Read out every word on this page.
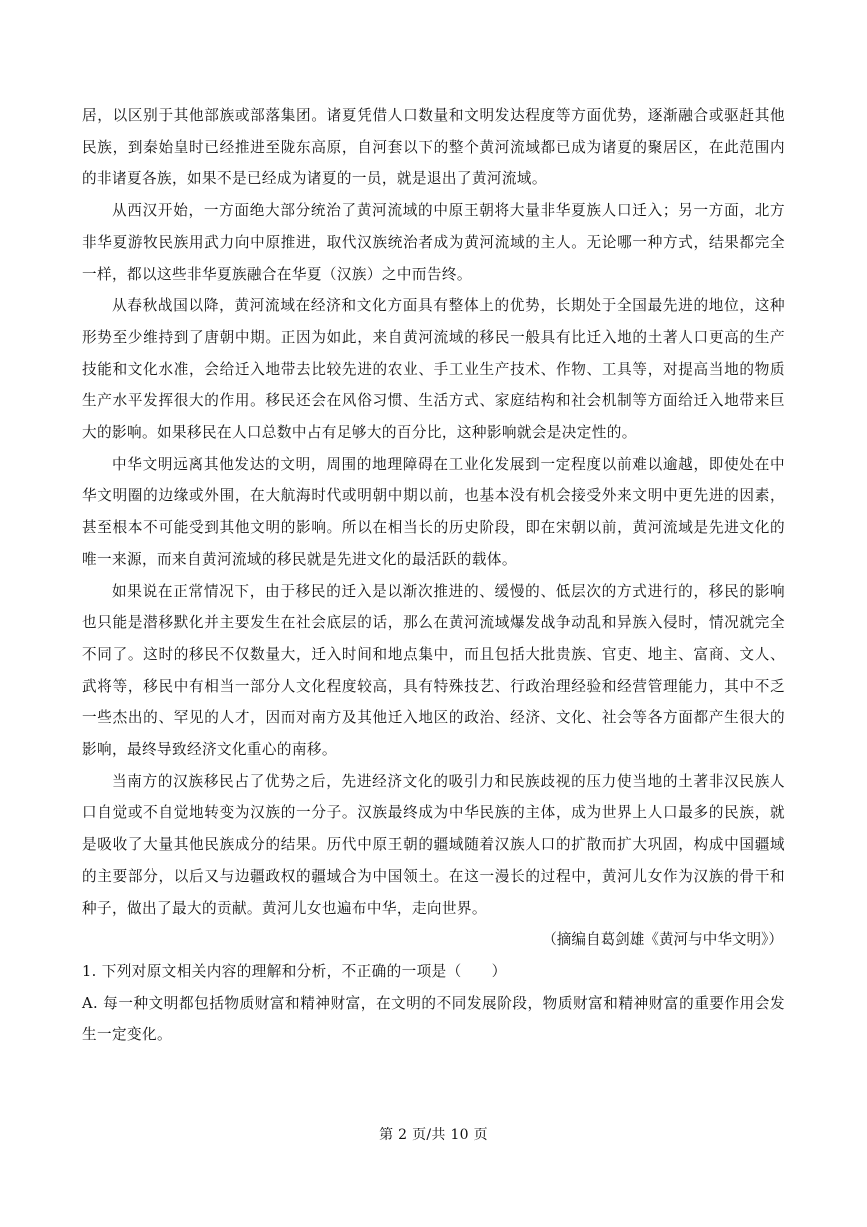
居，以区别于其他部族或部落集团。诸夏凭借人口数量和文明发达程度等方面优势，逐渐融合或驱赶其他民族，到秦始皇时已经推进至陇东高原，自河套以下的整个黄河流域都已成为诸夏的聚居区，在此范围内的非诸夏各族，如果不是已经成为诸夏的一员，就是退出了黄河流域。

从西汉开始，一方面绝大部分统治了黄河流域的中原王朝将大量非华夏族人口迁入；另一方面，北方非华夏游牧民族用武力向中原推进，取代汉族统治者成为黄河流域的主人。无论哪一种方式，结果都完全一样，都以这些非华夏族融合在华夏（汉族）之中而告终。

从春秋战国以降，黄河流域在经济和文化方面具有整体上的优势，长期处于全国最先进的地位，这种形势至少维持到了唐朝中期。正因为如此，来自黄河流域的移民一般具有比迁入地的土著人口更高的生产技能和文化水准，会给迁入地带去比较先进的农业、手工业生产技术、作物、工具等，对提高当地的物质生产水平发挥很大的作用。移民还会在风俗习惯、生活方式、家庭结构和社会机制等方面给迁入地带来巨大的影响。如果移民在人口总数中占有足够大的百分比，这种影响就会是决定性的。

中华文明远离其他发达的文明，周围的地理障碍在工业化发展到一定程度以前难以逾越，即使处在中华文明圈的边缘或外围，在大航海时代或明朝中期以前，也基本没有机会接受外来文明中更先进的因素，甚至根本不可能受到其他文明的影响。所以在相当长的历史阶段，即在宋朝以前，黄河流域是先进文化的唯一来源，而来自黄河流域的移民就是先进文化的最活跃的载体。

如果说在正常情况下，由于移民的迁入是以渐次推进的、缓慢的、低层次的方式进行的，移民的影响也只能是潜移默化并主要发生在社会底层的话，那么在黄河流域爆发战争动乱和异族入侵时，情况就完全不同了。这时的移民不仅数量大，迁入时间和地点集中，而且包括大批贵族、官吏、地主、富商、文人、武将等，移民中有相当一部分人文化程度较高，具有特殊技艺、行政治理经验和经营管理能力，其中不乏一些杰出的、罕见的人才，因而对南方及其他迁入地区的政治、经济、文化、社会等各方面都产生很大的影响，最终导致经济文化重心的南移。

当南方的汉族移民占了优势之后，先进经济文化的吸引力和民族歧视的压力使当地的土著非汉民族人口自觉或不自觉地转变为汉族的一分子。汉族最终成为中华民族的主体，成为世界上人口最多的民族，就是吸收了大量其他民族成分的结果。历代中原王朝的疆域随着汉族人口的扩散而扩大巩固，构成中国疆域的主要部分，以后又与边疆政权的疆域合为中国领土。在这一漫长的过程中，黄河儿女作为汉族的骨干和种子，做出了最大的贡献。黄河儿女也遍布中华，走向世界。

（摘编自葛剑雄《黄河与中华文明》）

1. 下列对原文相关内容的理解和分析，不正确的一项是（　　）

A. 每一种文明都包括物质财富和精神财富，在文明的不同发展阶段，物质财富和精神财富的重要作用会发生一定变化。

第 2 页/共 10 页
